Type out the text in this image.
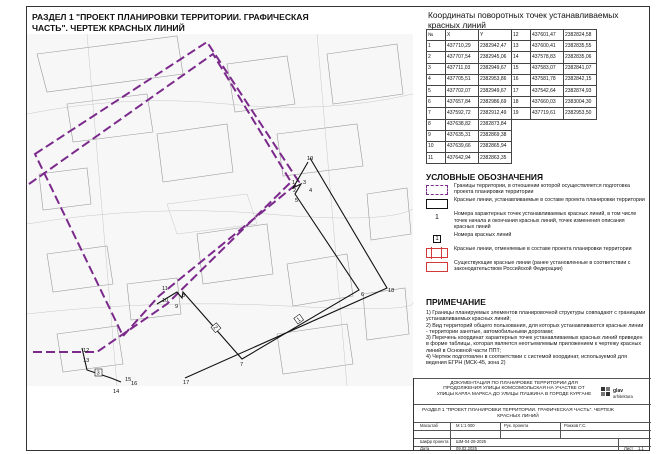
РАЗДЕЛ 1 "ПРОЕКТ ПЛАНИРОВКИ ТЕРРИТОРИИ. ГРАФИЧЕСКАЯ ЧАСТЬ". ЧЕРТЕЖ КРАСНЫХ ЛИНИЙ
1
2
3
4
5
6
7
8
9
10
11
12
13
14
15
16	17
18
19
1
2
3
Координаты поворотных точек устанавливаемых красных линий
№	X	Y
1	437710,29	2382942,47
2	437707,54	2382945,06
3	437711,03	2382949,67
4	437705,51	2382953,86
5	437702,07	2382949,67
6	437657,84	2382986,69
7	437592,72	2382912,49
8	437638,82	2382873,84
9	437635,31	2382869,38
10	437639,66	2382865,94
11	437642,94	2382863,35
12	437601,47	2382824,58
13	437600,41	2382835,55
14	437578,83	2382835,06
15	437583,07	2382841,07
16	437581,78	2382842,15
17	437542,64	2382874,93
18	437660,03	2383004,30
19	437719,61	2382953,50
УСЛОВНЫЕ ОБОЗНАЧЕНИЯ
Границы территории, в отношении которой осуществляется подготовка проекта планировки территории
Красные линии, устанавливаемые в составе проекта планировки территории
1	Номера характерных точек устанавливаемых красных линий, в том числе точек начала и окончания красных линий, точек изменения описания красных линий
1
Номера красных линий
Красные линии, отменяемые в составе проекта планировки территории
Существующие красные линии (ранее установленные в соответствии с законодательством Российской Федерации)
ПРИМЕЧАНИЕ
1) Границы планируемых элементов планировочной структуры совпадают с границами устанавливаемых красных линий;
2) Вид территорий общего пользования, для которых устанавливаются красные линии - территории занятые, автомобильными дорогами;
3) Перечень координат характерных точек устанавливаемых красных линий приведен в форме таблицы, которая является неотъемлемым приложением к чертежу красных линий в Основной части ППТ;
4) Чертеж подготовлен в соответствии с системой координат, используемой для ведения ЕГРН (МСК-45, зона 2)
ДОКУМЕНТАЦИЯ ПО ПЛАНИРОВКЕ ТЕРРИТОРИИ ДЛЯ ПРОДОЛЖЕНИЯ УЛИЦЫ КОМСОМОЛЬСКАЯ НА УЧАСТКЕ ОТ УЛИЦЫ КАРЛА МАРКСА ДО УЛИЦЫ ПУШКИНА В ГОРОДЕ КУРГАНЕ
glav
arhitektura
РАЗДЕЛ 1 "ПРОЕКТ ПЛАНИРОВКИ ТЕРРИТОРИИ. ГРАФИЧЕСКАЯ ЧАСТЬ". ЧЕРТЕЖ КРАСНЫХ ЛИНИЙ
Масштаб	М 1:1 000	Рук. проекта	Рожков Г.С.
Шифр проекта ШМ-04-28-2025
Дата	09.02.2025	Лист 1.1
